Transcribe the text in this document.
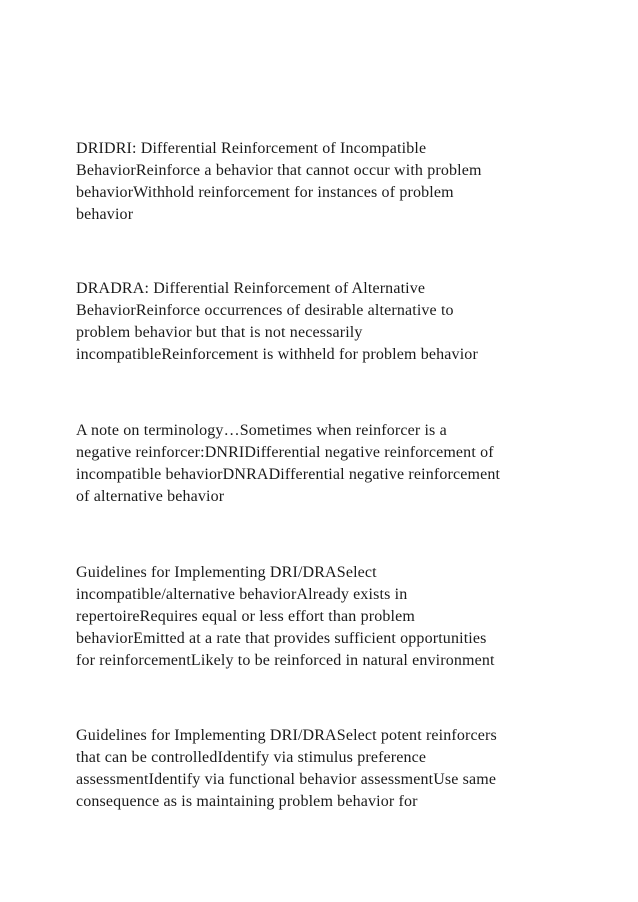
DRIDRI: Differential Reinforcement of Incompatible
BehaviorReinforce a behavior that cannot occur with problem
behaviorWithhold reinforcement for instances of problem
behavior

DRADRA: Differential Reinforcement of Alternative
BehaviorReinforce occurrences of desirable alternative to
problem behavior but that is not necessarily
incompatibleReinforcement is withheld for problem behavior

A note on terminology…Sometimes when reinforcer is a
negative reinforcer:DNRIDifferential negative reinforcement of
incompatible behaviorDNRADifferential negative reinforcement
of alternative behavior

Guidelines for Implementing DRI/DRASelect
incompatible/alternative behaviorAlready exists in
repertoireRequires equal or less effort than problem
behaviorEmitted at a rate that provides sufficient opportunities
for reinforcementLikely to be reinforced in natural environment

Guidelines for Implementing DRI/DRASelect potent reinforcers
that can be controlledIdentify via stimulus preference
assessmentIdentify via functional behavior assessmentUse same
consequence as is maintaining problem behavior for
